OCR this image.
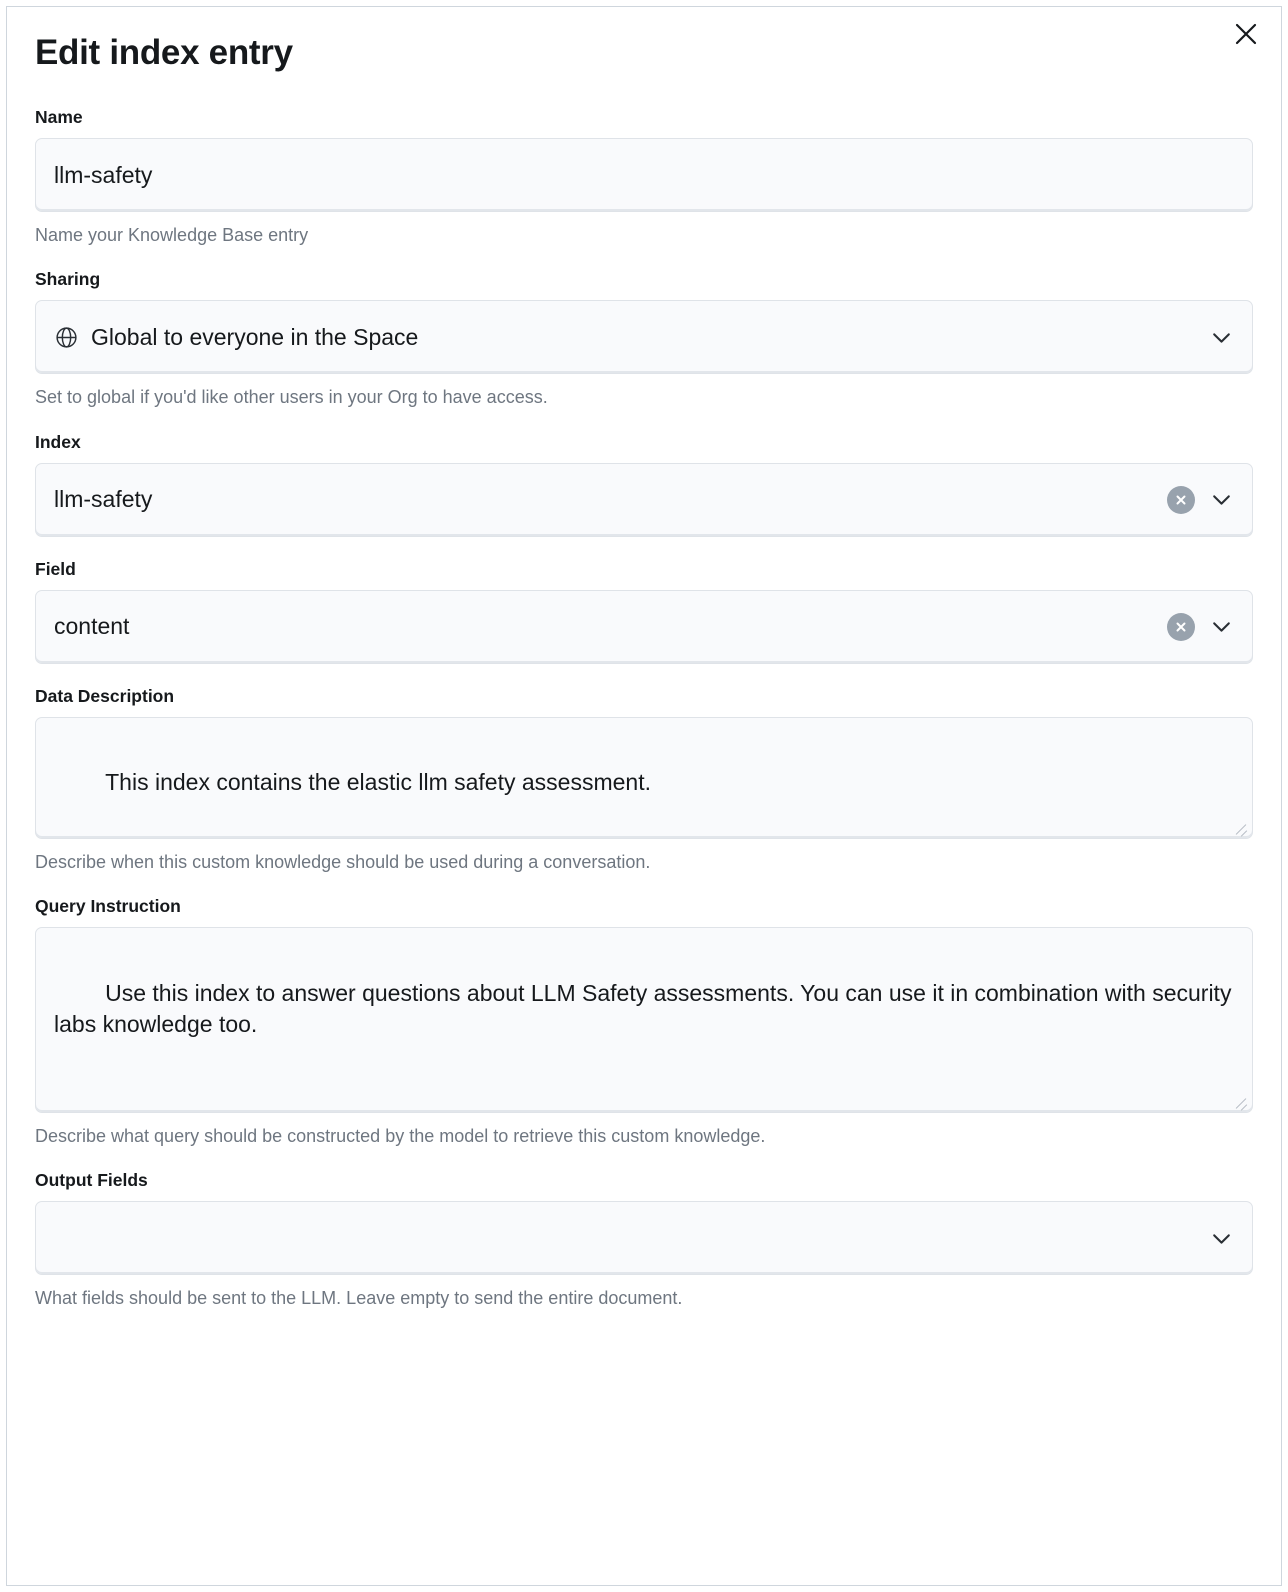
Edit index entry
Name
llm-safety
Name your Knowledge Base entry
Sharing
Global to everyone in the Space
Set to global if you'd like other users in your Org to have access.
Index
llm-safety
Field
content
Data Description

This index contains the elastic llm safety assessment.

Describe when this custom knowledge should be used during a conversation.
Query Instruction

Use this index to answer questions about LLM Safety assessments. You can use it in combination with security labs knowledge too.

Describe what query should be constructed by the model to retrieve this custom knowledge.
Output Fields
What fields should be sent to the LLM. Leave empty to send the entire document.
